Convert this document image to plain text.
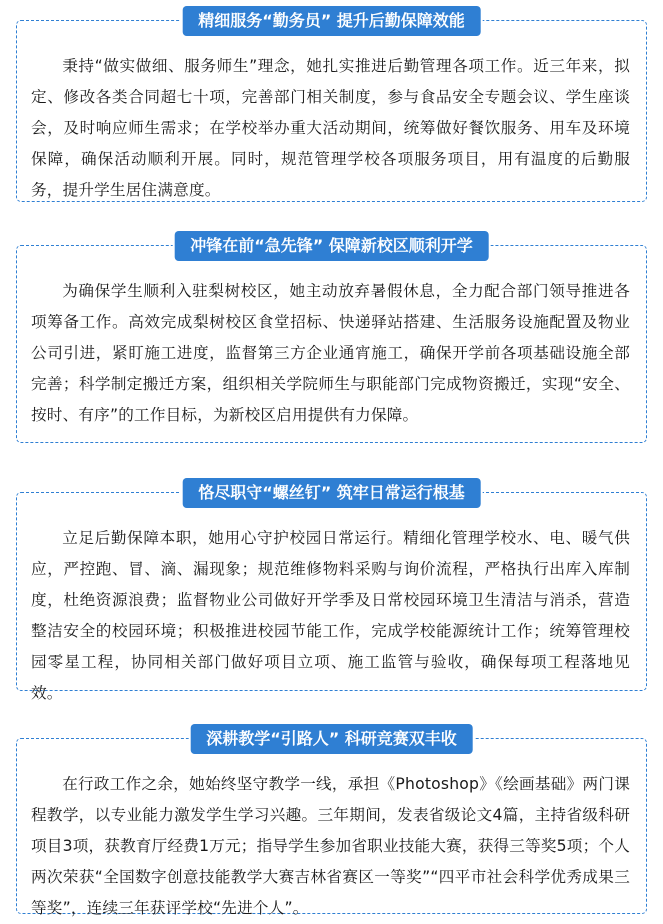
秉持“做实做细、服务师生”理念，她扎实推进后勤管理各项工作。近三年来，拟定、修改各类合同超七十项，完善部门相关制度，参与食品安全专题会议、学生座谈会，及时响应师生需求；在学校举办重大活动期间，统筹做好餐饮服务、用车及环境保障，确保活动顺利开展。同时，规范管理学校各项服务项目，用有温度的后勤服务，提升学生居住满意度。

精细服务“勤务员” 提升后勤保障效能

为确保学生顺利入驻梨树校区，她主动放弃暑假休息，全力配合部门领导推进各项筹备工作。高效完成梨树校区食堂招标、快递驿站搭建、生活服务设施配置及物业公司引进，紧盯施工进度，监督第三方企业通宵施工，确保开学前各项基础设施全部完善；科学制定搬迁方案，组织相关学院师生与职能部门完成物资搬迁，实现“安全、按时、有序”的工作目标，为新校区启用提供有力保障。

冲锋在前“急先锋” 保障新校区顺利开学

立足后勤保障本职，她用心守护校园日常运行。精细化管理学校水、电、暖气供应，严控跑、冒、滴、漏现象；规范维修物料采购与询价流程，严格执行出库入库制度，杜绝资源浪费；监督物业公司做好开学季及日常校园环境卫生清洁与消杀，营造整洁安全的校园环境；积极推进校园节能工作，完成学校能源统计工作；统筹管理校园零星工程，协同相关部门做好项目立项、施工监管与验收，确保每项工程落地见效。

恪尽职守“螺丝钉” 筑牢日常运行根基

在行政工作之余，她始终坚守教学一线，承担《Photoshop》《绘画基础》两门课程教学，以专业能力激发学生学习兴趣。三年期间，发表省级论文4篇，主持省级科研项目3项，获教育厅经费1万元；指导学生参加省职业技能大赛，获得三等奖5项；个人两次荣获“全国数字创意技能教学大赛吉林省赛区一等奖”“四平市社会科学优秀成果三等奖”，连续三年获评学校“先进个人”。

深耕教学“引路人” 科研竞赛双丰收
